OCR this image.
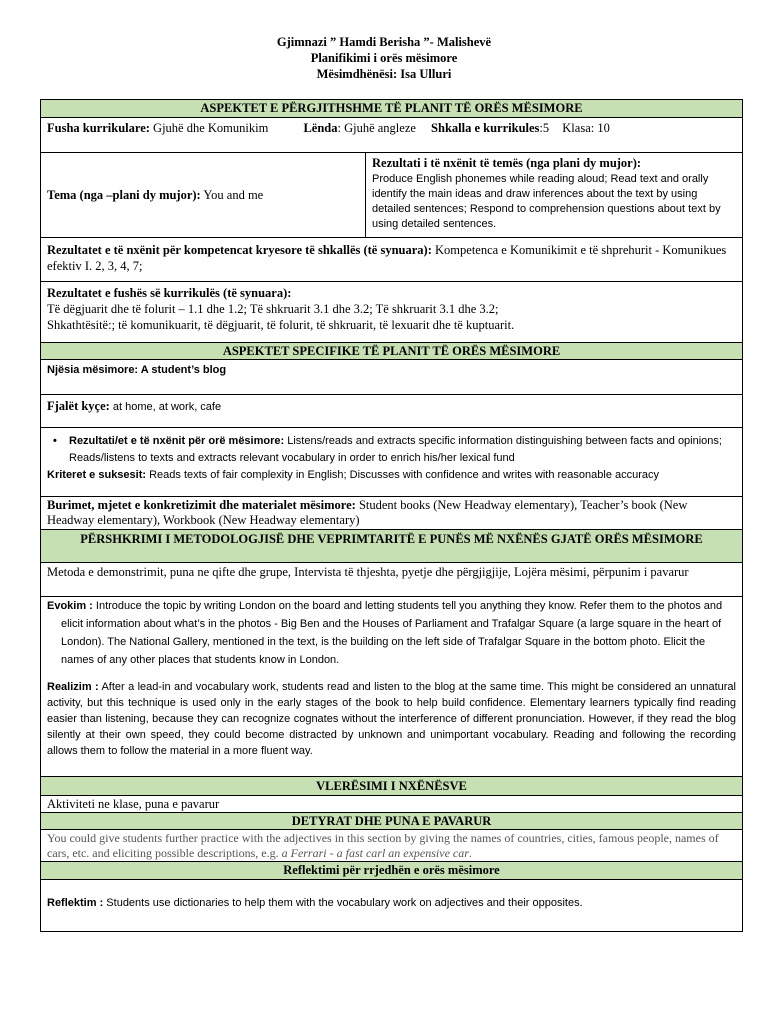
Gjimnazi ” Hamdi Berisha ”- Malishevë
Planifikimi i orës mësimore
Mësimdhënësi: Isa Ulluri
ASPEKTET E PËRGJITHSHME TË PLANIT TË ORËS MËSIMORE
Fusha kurrikulare: Gjuhë dhe Komunikim	Lënda: Gjuhë angleze Shkalla e kurrikules:5 Klasa: 10
Tema (nga –plani dy mujor): You and me
Rezultati i të nxënit të temës (nga plani dy mujor):
Produce English phonemes while reading aloud; Read text and orally identify the main ideas and draw inferences about the text by using detailed sentences; Respond to comprehension questions about text by using detailed sentences.
Rezultatet e të nxënit për kompetencat kryesore të shkallës (të synuara): Kompetenca e Komunikimit e të shprehurit - Komunikues efektiv I. 2, 3, 4, 7;
Rezultatet e fushës së kurrikulës (të synuara):
Të dëgjuarit dhe të folurit – 1.1 dhe 1.2; Të shkruarit 3.1 dhe 3.2; Të shkruarit 3.1 dhe 3.2;
Shkathtësitë:; të komunikuarit, të dëgjuarit, të folurit, të shkruarit, të lexuarit dhe të kuptuarit.
ASPEKTET SPECIFIKE TË PLANIT TË ORËS MËSIMORE
Njësia mësimore: A student’s blog
Fjalët kyçe: at home, at work, cafe
• Rezultati/et e të nxënit për orë mësimore: Listens/reads and extracts specific information distinguishing between facts and opinions; Reads/listens to texts and extracts relevant vocabulary in order to enrich his/her lexical fund
Kriteret e suksesit: Reads texts of fair complexity in English; Discusses with confidence and writes with reasonable accuracy
Burimet, mjetet e konkretizimit dhe materialet mësimore: Student books (New Headway elementary), Teacher’s book (New Headway elementary), Workbook (New Headway elementary)
PËRSHKRIMI I METODOLOGJISË DHE VEPRIMTARITË E PUNËS MË NXËNËS GJATË ORËS MËSIMORE
Metoda e demonstrimit, puna ne qifte dhe grupe, Intervista të thjeshta, pyetje dhe përgjigjije, Lojëra mësimi, përpunim i pavarur
Evokim : Introduce the topic by writing London on the board and letting students tell you anything they know. Refer them to the photos and elicit information about what’s in the photos - Big Ben and the Houses of Parliament and Trafalgar Square (a large square in the heart of London). The National Gallery, mentioned in the text, is the building on the left side of Trafalgar Square in the bottom photo. Elicit the names of any other places that students know in London.
Realizim : After a lead-in and vocabulary work, students read and listen to the blog at the same time. This might be considered an unnatural activity, but this technique is used only in the early stages of the book to help build confidence. Elementary learners typically find reading easier than listening, because they can recognize cognates without the interference of different pronunciation. However, if they read the blog silently at their own speed, they could become distracted by unknown and unimportant vocabulary. Reading and following the recording allows them to follow the material in a more fluent way.
VLERËSIMI I NXËNËSVE
Aktiviteti ne klase, puna e pavarur
DETYRAT DHE PUNA E PAVARUR
You could give students further practice with the adjectives in this section by giving the names of countries, cities, famous people, names of cars, etc. and eliciting possible descriptions, e.g. a Ferrari - a fast carl an expensive car.
Reflektimi për rrjedhën e orës mësimore
Reflektim : Students use dictionaries to help them with the vocabulary work on adjectives and their opposites.
